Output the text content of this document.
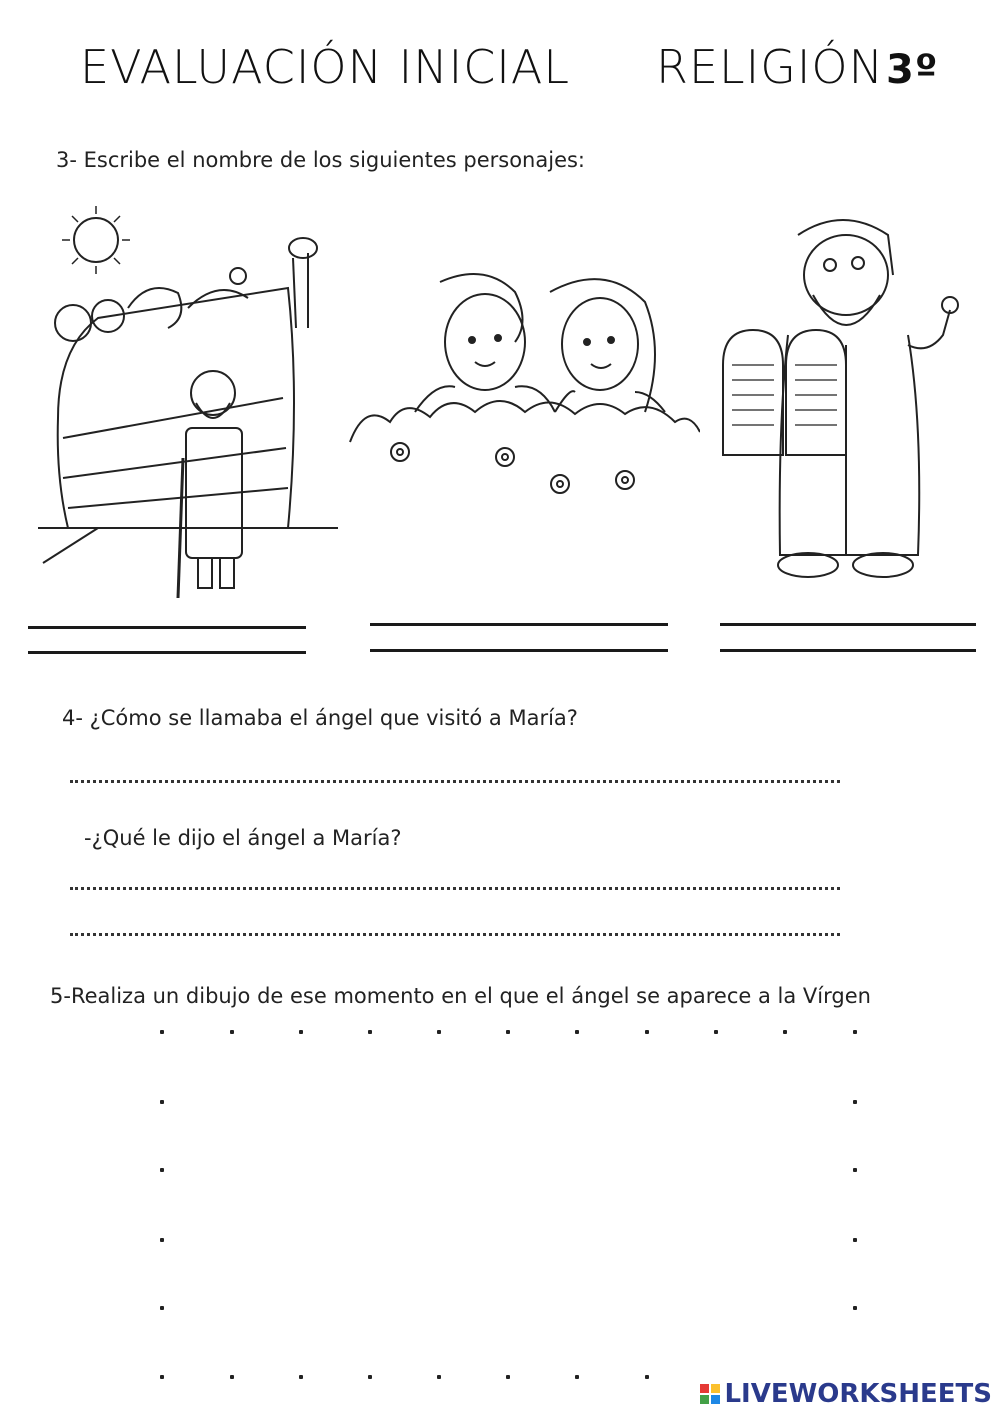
EVALUACIÓN INICIAL RELIGIÓN3º
3- Escribe el nombre de los siguientes personajes:
4- ¿Cómo se llamaba el ángel que visitó a María?
-¿Qué le dijo el ángel a María?
5-Realiza un dibujo de ese momento en el que el ángel se aparece a la Vírgen
LIVEWORKSHEETS
